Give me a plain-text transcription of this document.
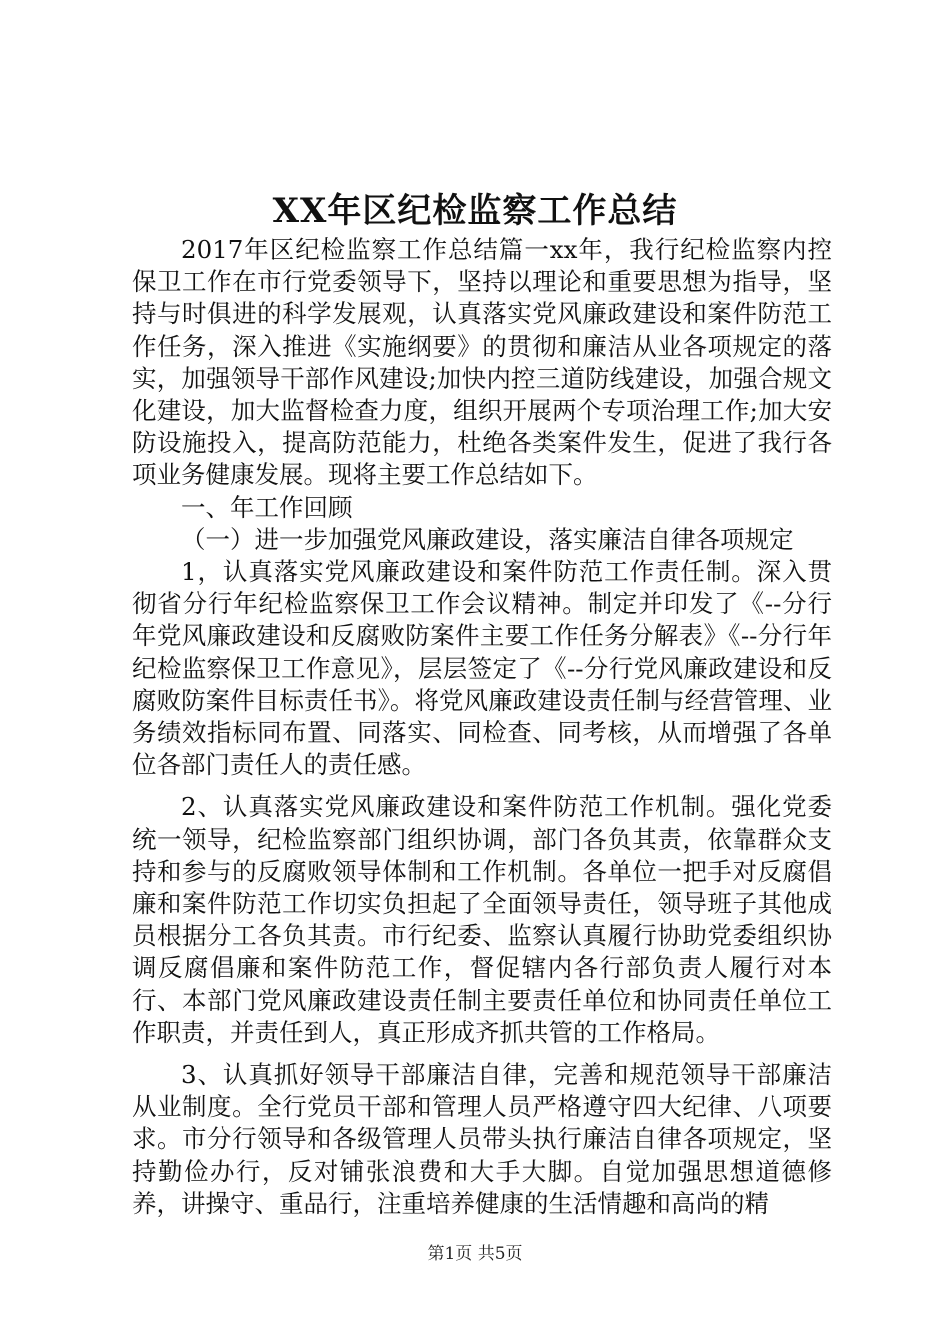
XX年区纪检监察工作总结

2017年区纪检监察工作总结篇一xx年，我行纪检监察内控保卫工作在市行党委领导下，坚持以理论和重要思想为指导，坚持与时俱进的科学发展观，认真落实党风廉政建设和案件防范工作任务，深入推进《实施纲要》的贯彻和廉洁从业各项规定的落实，加强领导干部作风建设;加快内控三道防线建设，加强合规文化建设，加大监督检查力度，组织开展两个专项治理工作;加大安防设施投入，提高防范能力，杜绝各类案件发生，促进了我行各项业务健康发展。现将主要工作总结如下。

一、年工作回顾

（一）进一步加强党风廉政建设，落实廉洁自律各项规定

1，认真落实党风廉政建设和案件防范工作责任制。深入贯彻省分行年纪检监察保卫工作会议精神。制定并印发了《--分行年党风廉政建设和反腐败防案件主要工作任务分解表》《--分行年纪检监察保卫工作意见》，层层签定了《--分行党风廉政建设和反腐败防案件目标责任书》。将党风廉政建设责任制与经营管理、业务绩效指标同布置、同落实、同检查、同考核，从而增强了各单位各部门责任人的责任感。

2、认真落实党风廉政建设和案件防范工作机制。强化党委统一领导，纪检监察部门组织协调，部门各负其责，依靠群众支持和参与的反腐败领导体制和工作机制。各单位一把手对反腐倡廉和案件防范工作切实负担起了全面领导责任，领导班子其他成员根据分工各负其责。市行纪委、监察认真履行协助党委组织协调反腐倡廉和案件防范工作，督促辖内各行部负责人履行对本行、本部门党风廉政建设责任制主要责任单位和协同责任单位工作职责，并责任到人，真正形成齐抓共管的工作格局。

3、认真抓好领导干部廉洁自律，完善和规范领导干部廉洁从业制度。全行党员干部和管理人员严格遵守四大纪律、八项要求。市分行领导和各级管理人员带头执行廉洁自律各项规定，坚持勤俭办行，反对铺张浪费和大手大脚。自觉加强思想道德修养，讲操守、重品行，注重培养健康的生活情趣和高尚的精

第1页 共5页
